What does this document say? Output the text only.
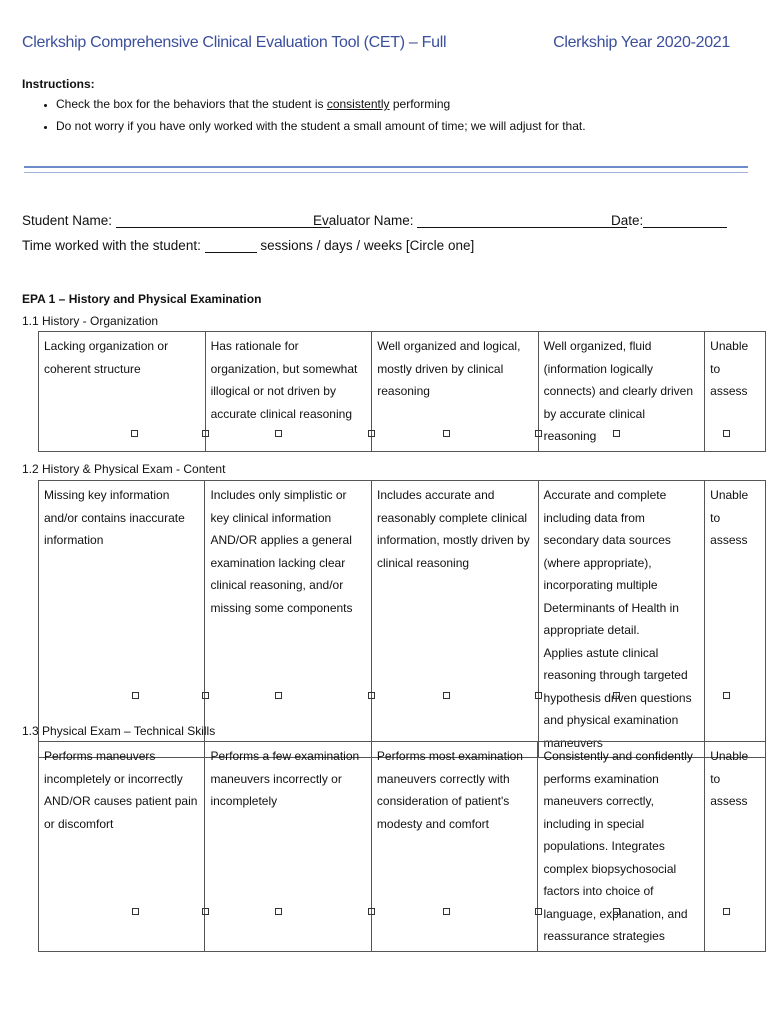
Clerkship Comprehensive Clinical Evaluation Tool (CET) – Full	Clerkship Year 2020-2021
Instructions:
• Check the box for the behaviors that the student is consistently performing
• Do not worry if you have only worked with the student a small amount of time; we will adjust for that.
Student Name:	Evaluator Name:	Date:
Time worked with the student:	sessions / days / weeks [Circle one]
EPA 1 – History and Physical Examination
1.1 History - Organization
Lacking organization or coherent structure	Has rationale for organization, but somewhat illogical or not driven by accurate clinical reasoning	Well organized and logical, mostly driven by clinical reasoning	Well organized, fluid (information logically connects) and clearly driven by accurate clinical reasoning	Unable to assess
1.2 History & Physical Exam - Content
Missing key information and/or contains inaccurate information	Includes only simplistic or key clinical information
AND/OR applies a general examination lacking clear clinical reasoning, and/or missing some components	Includes accurate and reasonably complete clinical information, mostly driven by clinical reasoning	Accurate and complete including data from secondary data sources (where appropriate), incorporating multiple Determinants of Health in appropriate detail.
Applies astute clinical reasoning through targeted hypothesis driven questions and physical examination maneuvers	Unable to assess
1.3 Physical Exam – Technical Skills
Performs maneuvers incompletely or incorrectly AND/OR causes patient pain or discomfort	Performs a few examination maneuvers incorrectly or incompletely	Performs most examination maneuvers correctly with consideration of patient's modesty and comfort	Consistently and confidently performs examination maneuvers correctly, including in special populations. Integrates complex biopsychosocial factors into choice of language, explanation, and reassurance strategies	Unable to assess
